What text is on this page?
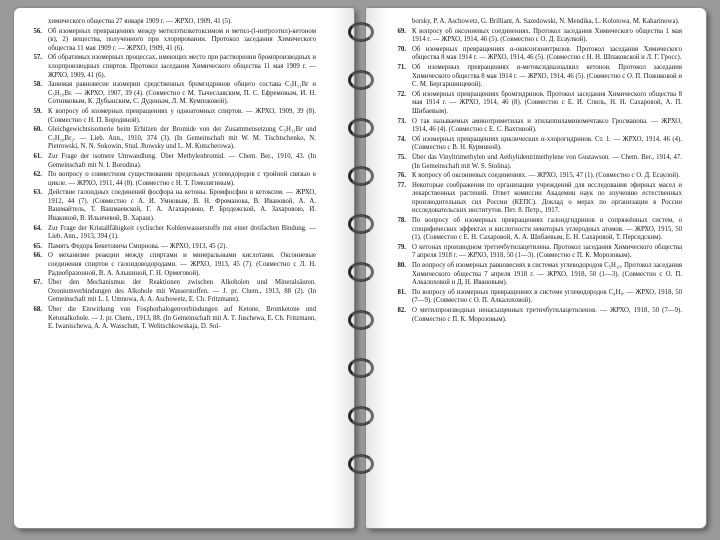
химического общества 27 января 1909 г. — ЖРХО, 1909, 41 (5).
56. Об изомерных превращениях между метилэтилкетоксимом и метил-(l-нитроэтил)-кетоном (в), 2) вещества, полученного при хлорировании. Протокол заседания Химического общества 11 мая 1909 г. — ЖРХО, 1909, 41 (6).
57. Об обратимых изомерных процессах, имеющих место при растворении бромпроизводных и хлорпроизводных спиртов. Протокол заседания Химического общества 11 мая 1909 г. — ЖРХО, 1909, 41 (6).
58. Занимая равновесие изомерии средственных бромгидринов общего состава C₅H₁₁Br и C₅H₁₀Br. — ЖРХО, 1907, 39 (4). (Совместно с М. Тычеславским, П. С. Ефремовым, И. Н. Сотниковым, К. Дубынским, С. Дудиным, Л. М. Кумпоковой).
59. К вопросу об изомерных превращениях у одноатомных спиртов. — ЖРХО, 1909, 39 (8). (Совместно с Н. П. Бородиной).
60. Gleichgewichtsisomerie beim Erhitzen der Bromide von der Zusammensetzung C₅H₁₁Br und C₅H₁₀Br₂. — Lieb. Ann., 1910, 374 (3). (In Gemeinschaft mit W. M. Tischtschenko, N. Pietrowski, N. N. Sokowin, Stud. Jhowsky und L. M. Kutscherowa).
61. Zur Frage der isomere Umwandlung. Über Methylenbromid. — Chem. Ber., 1910, 43. (In Gemeinschaft mit N. I. Borodina).
62. По вопросу о совместном существовании предельных углеводородов с тройной связью в цикле. — ЖРХО, 1911, 44 (8). (Совместно с Н. Т. Гомолягиным).
63. Действие галоидных соединений фосфора на кетоны. Бромфосфин и кетоксим. — ЖРХО, 1912, 44 (7). (Совместно с А. И. Умновым, В. Н. Фроманова, В. Ивановой, А. А. Вашмайтель, Т. Вашмаевской, Г. А. Агахаровою, Р. Бродежской, А. Захаровою, И. Ивакиной, В. Ильичевой, В. Хараш).
64. Zur Frage der Kristallfähigkeit cyclischer Kohlenwasserstoffe mit einer dreifachen Bindung. — Lieb. Ann., 1913, 394 (1).
65. Память Федора Бекетовича Смирнова. — ЖРХО, 1913, 45 (2).
66. О механизме реакции между спиртами и минеральными кислотами. Оксониевые соединения спиртов с галоидоводородами. — ЖРХО, 1913, 45 (7). (Совместно с Л. Н. Радиобразонной, В. А. Альшиной, Г. Н. Ормеговой).
67. Über den Mechanismus der Reaktionen zwischen Alkoholen und Mineralsäuren. Oxoniumverbindungen des Alkohole mit Wasserstoffen. — J. pr. Chem., 1913, 88 (2). (In Gemeinschaft mit L. I. Umnowa, A. A. Aschowetz, E. Ch. Fritzmann).
68. Über die Einwirkung von Fosphorhalogenverbindungen auf Ketone, Bromketone und Ketonalkohole. — J. pr. Chem., 1913, 88. (In Gemeinschaft mit A. T. Juschewa, E. Ch. Fritzmann, E. Iwanischewa, A. A. Wasschutt, T. Welitschkowskaja, D. Sol-
borsky, P. A. Aschowetz, G. Brilliant, A. Sazedowski, N. Mendika, L. Kolotowa, M. Kaharinowa).
69. К вопросу об оксониевых соединениях. Протокол заседания Химического общества 1 мая 1914 г. — ЖРХО, 1914, 46 (5). (Совместно с О. Д. Есаулкой).
70. Об изомерных превращениях α-окисоизонитрилов. Протокол заседания Химического общества 8 мая 1914 г. — ЖРХО, 1914, 46 (5). (Совместно с Н. Н. Шпаковской и Л. Г. Гросс).
71. Об изомерных превращениях α-метоксидиазоалкил кетонов. Протокол заседания Химического общества 8 мая 1914 г. — ЖРХО, 1914, 46 (5). (Совместно с О. П. Пожиковой и С. М. Бергаршинцевой).
72. Об изомерных превращениях бромгидринов. Протокол заседания Химического общества 8 мая 1914 г. — ЖРХО, 1914, 46 (8). (Совместно с Е. И. Спиль, Н. Н. Сахаровой, А. П. Шибаевым).
73. О так называемых аминотриметилах и этилаппиламиномечтаксо Гросманова. — ЖРХО, 1914, 46 (4). (Совместно с Е. С. Вахтиной).
74. Об изомерных превращениях циклических α-хлорогидринов. Ст. 1. — ЖРХО, 1914, 46 (4). (Совместно с В. Н. Курминой).
75. Über das Vinyltrimethylen und Aethylidentrimethylene von Gustawson. — Chem. Ber., 1914, 47. (In Gemeinschaft mit W. S. Stolina).
76. К вопросу об оксониевых соединениях. — ЖРХО, 1915, 47 (1). (Совместно с О. Д. Есаулой).
77. Некоторые соображения по организации учреждений для исследования эфирных масел и лекарственных растений. Ответ комиссии Академии наук по изучению естественных производительных сил России (КЕПС). Доклад о мерах по организации в России исследовательских институтов. Пет. 8. Петр., 1917.
78. По вопросу об изомерных превращениях галоидгидринов и сопряжённых систем, о специфических эффектах и кислотности некоторых углеродных атомов. — ЖРХО, 1915, 50 (1). (Совместно с Е. Н. Сахаровой, А. А. Шибаевым, Е. Н. Сахаровой, Т. Персидским).
79. О кетонах производном третичбутилацетилена. Протокол заседания Химического общества 7 апреля 1918 г. — ЖРХО, 1918, 50 (1—3). (Совместно с П. К. Морозовым).
80. По вопросу об изомерных равновесиях в системах углеводородов C₅H₁₀. Протокол заседания Химического общества 7 апреля 1918 г. — ЖРХО, 1918, 50 (1—3). (Совместно с О. П. Алкалоховой и Д. Н. Ивановым).
81. По вопросу об изомерных превращениях в системе углеводородов C₄H₈. — ЖРХО, 1918, 50 (7—9). (Совместно с О. П. Алкалоховой).
82. О метилпроизводных ненасыщенных третичбутилацетиленов. — ЖРХО, 1918, 50 (7—9). (Совместно с П. К. Морозовым).
